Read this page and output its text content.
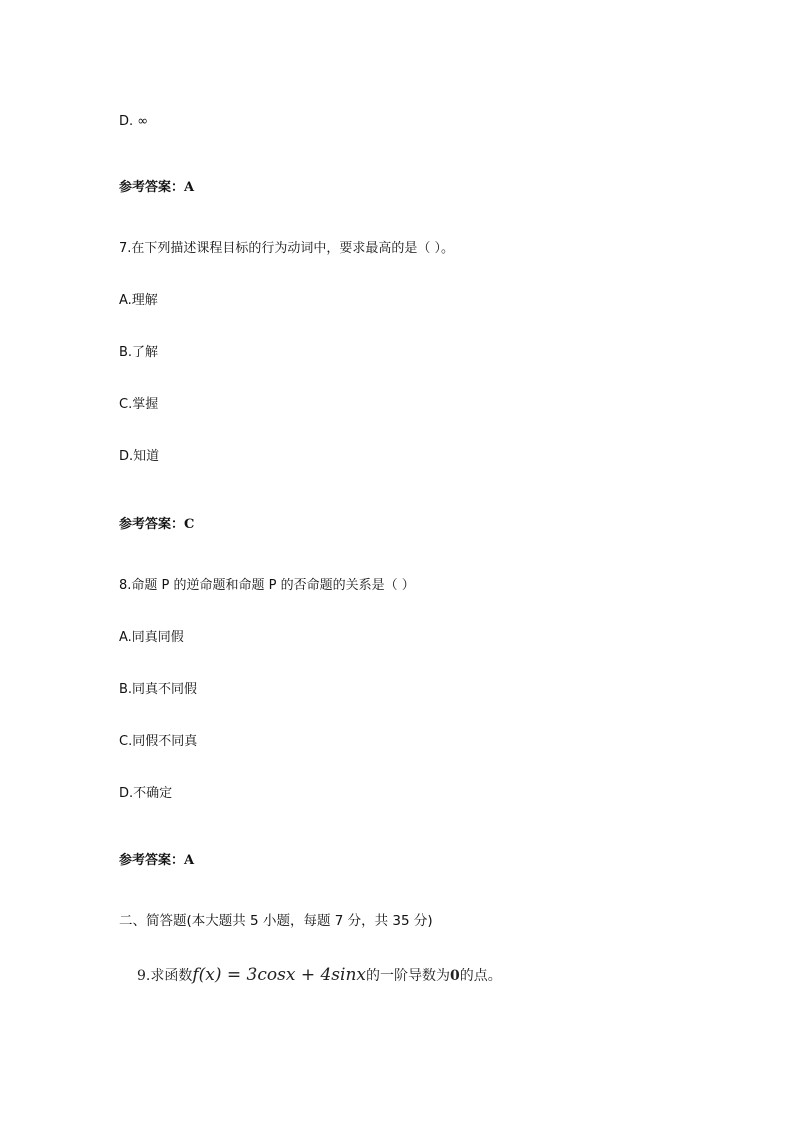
D. ∞
参考答案：A
7.在下列描述课程目标的行为动词中，要求最高的是（ ）。
A.理解
B.了解
C.掌握
D.知道
参考答案：C
8.命题 P 的逆命题和命题 P 的否命题的关系是（ ）
A.同真同假
B.同真不同假
C.同假不同真
D.不确定
参考答案：A
二、简答题(本大题共 5 小题，每题 7 分，共 35 分)
9.求函数f(x) = 3cosx + 4sinx的一阶导数为0的点。
